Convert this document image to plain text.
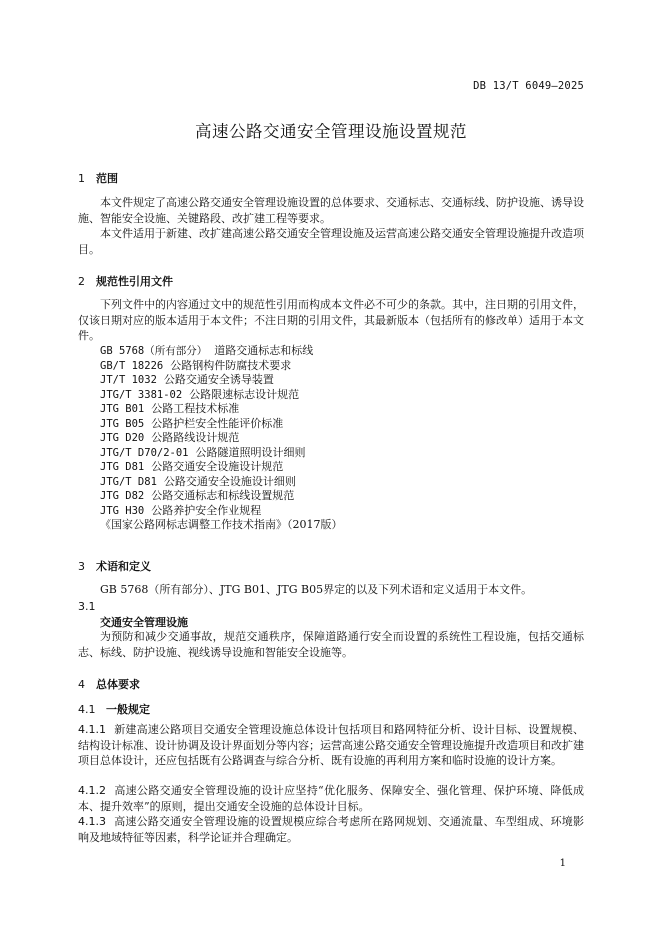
DB 13/T 6049—2025
高速公路交通安全管理设施设置规范
1 范围

本文件规定了高速公路交通安全管理设施设置的总体要求、交通标志、交通标线、防护设施、诱导设施、智能安全设施、关键路段、改扩建工程等要求。

本文件适用于新建、改扩建高速公路交通安全管理设施及运营高速公路交通安全管理设施提升改造项目。

2 规范性引用文件

下列文件中的内容通过文中的规范性引用而构成本文件必不可少的条款。其中，注日期的引用文件，仅该日期对应的版本适用于本文件；不注日期的引用文件，其最新版本（包括所有的修改单）适用于本文件。

GB 5768（所有部分） 道路交通标志和标线
GB/T 18226 公路钢构件防腐技术要求
JT/T 1032 公路交通安全诱导装置
JTG/T 3381-02 公路限速标志设计规范
JTG B01 公路工程技术标准
JTG B05 公路护栏安全性能评价标准
JTG D20 公路路线设计规范
JTG/T D70/2-01 公路隧道照明设计细则
JTG D81 公路交通安全设施设计规范
JTG/T D81 公路交通安全设施设计细则
JTG D82 公路交通标志和标线设置规范
JTG H30 公路养护安全作业规程
《国家公路网标志调整工作技术指南》（2017版）
3 术语和定义

GB 5768（所有部分）、JTG B01、JTG B05界定的以及下列术语和定义适用于本文件。

3.1
交通安全管理设施

为预防和减少交通事故，规范交通秩序，保障道路通行安全而设置的系统性工程设施，包括交通标志、标线、防护设施、视线诱导设施和智能安全设施等。

4 总体要求
4.1 一般规定

4.1.1 新建高速公路项目交通安全管理设施总体设计包括项目和路网特征分析、设计目标、设置规模、结构设计标准、设计协调及设计界面划分等内容；运营高速公路交通安全管理设施提升改造项目和改扩建项目总体设计，还应包括既有公路调查与综合分析、既有设施的再利用方案和临时设施的设计方案。

4.1.2 高速公路交通安全管理设施的设计应坚持“优化服务、保障安全、强化管理、保护环境、降低成本、提升效率”的原则，提出交通安全设施的总体设计目标。

4.1.3 高速公路交通安全管理设施的设置规模应综合考虑所在路网规划、交通流量、车型组成、环境影响及地域特征等因素，科学论证并合理确定。

1
